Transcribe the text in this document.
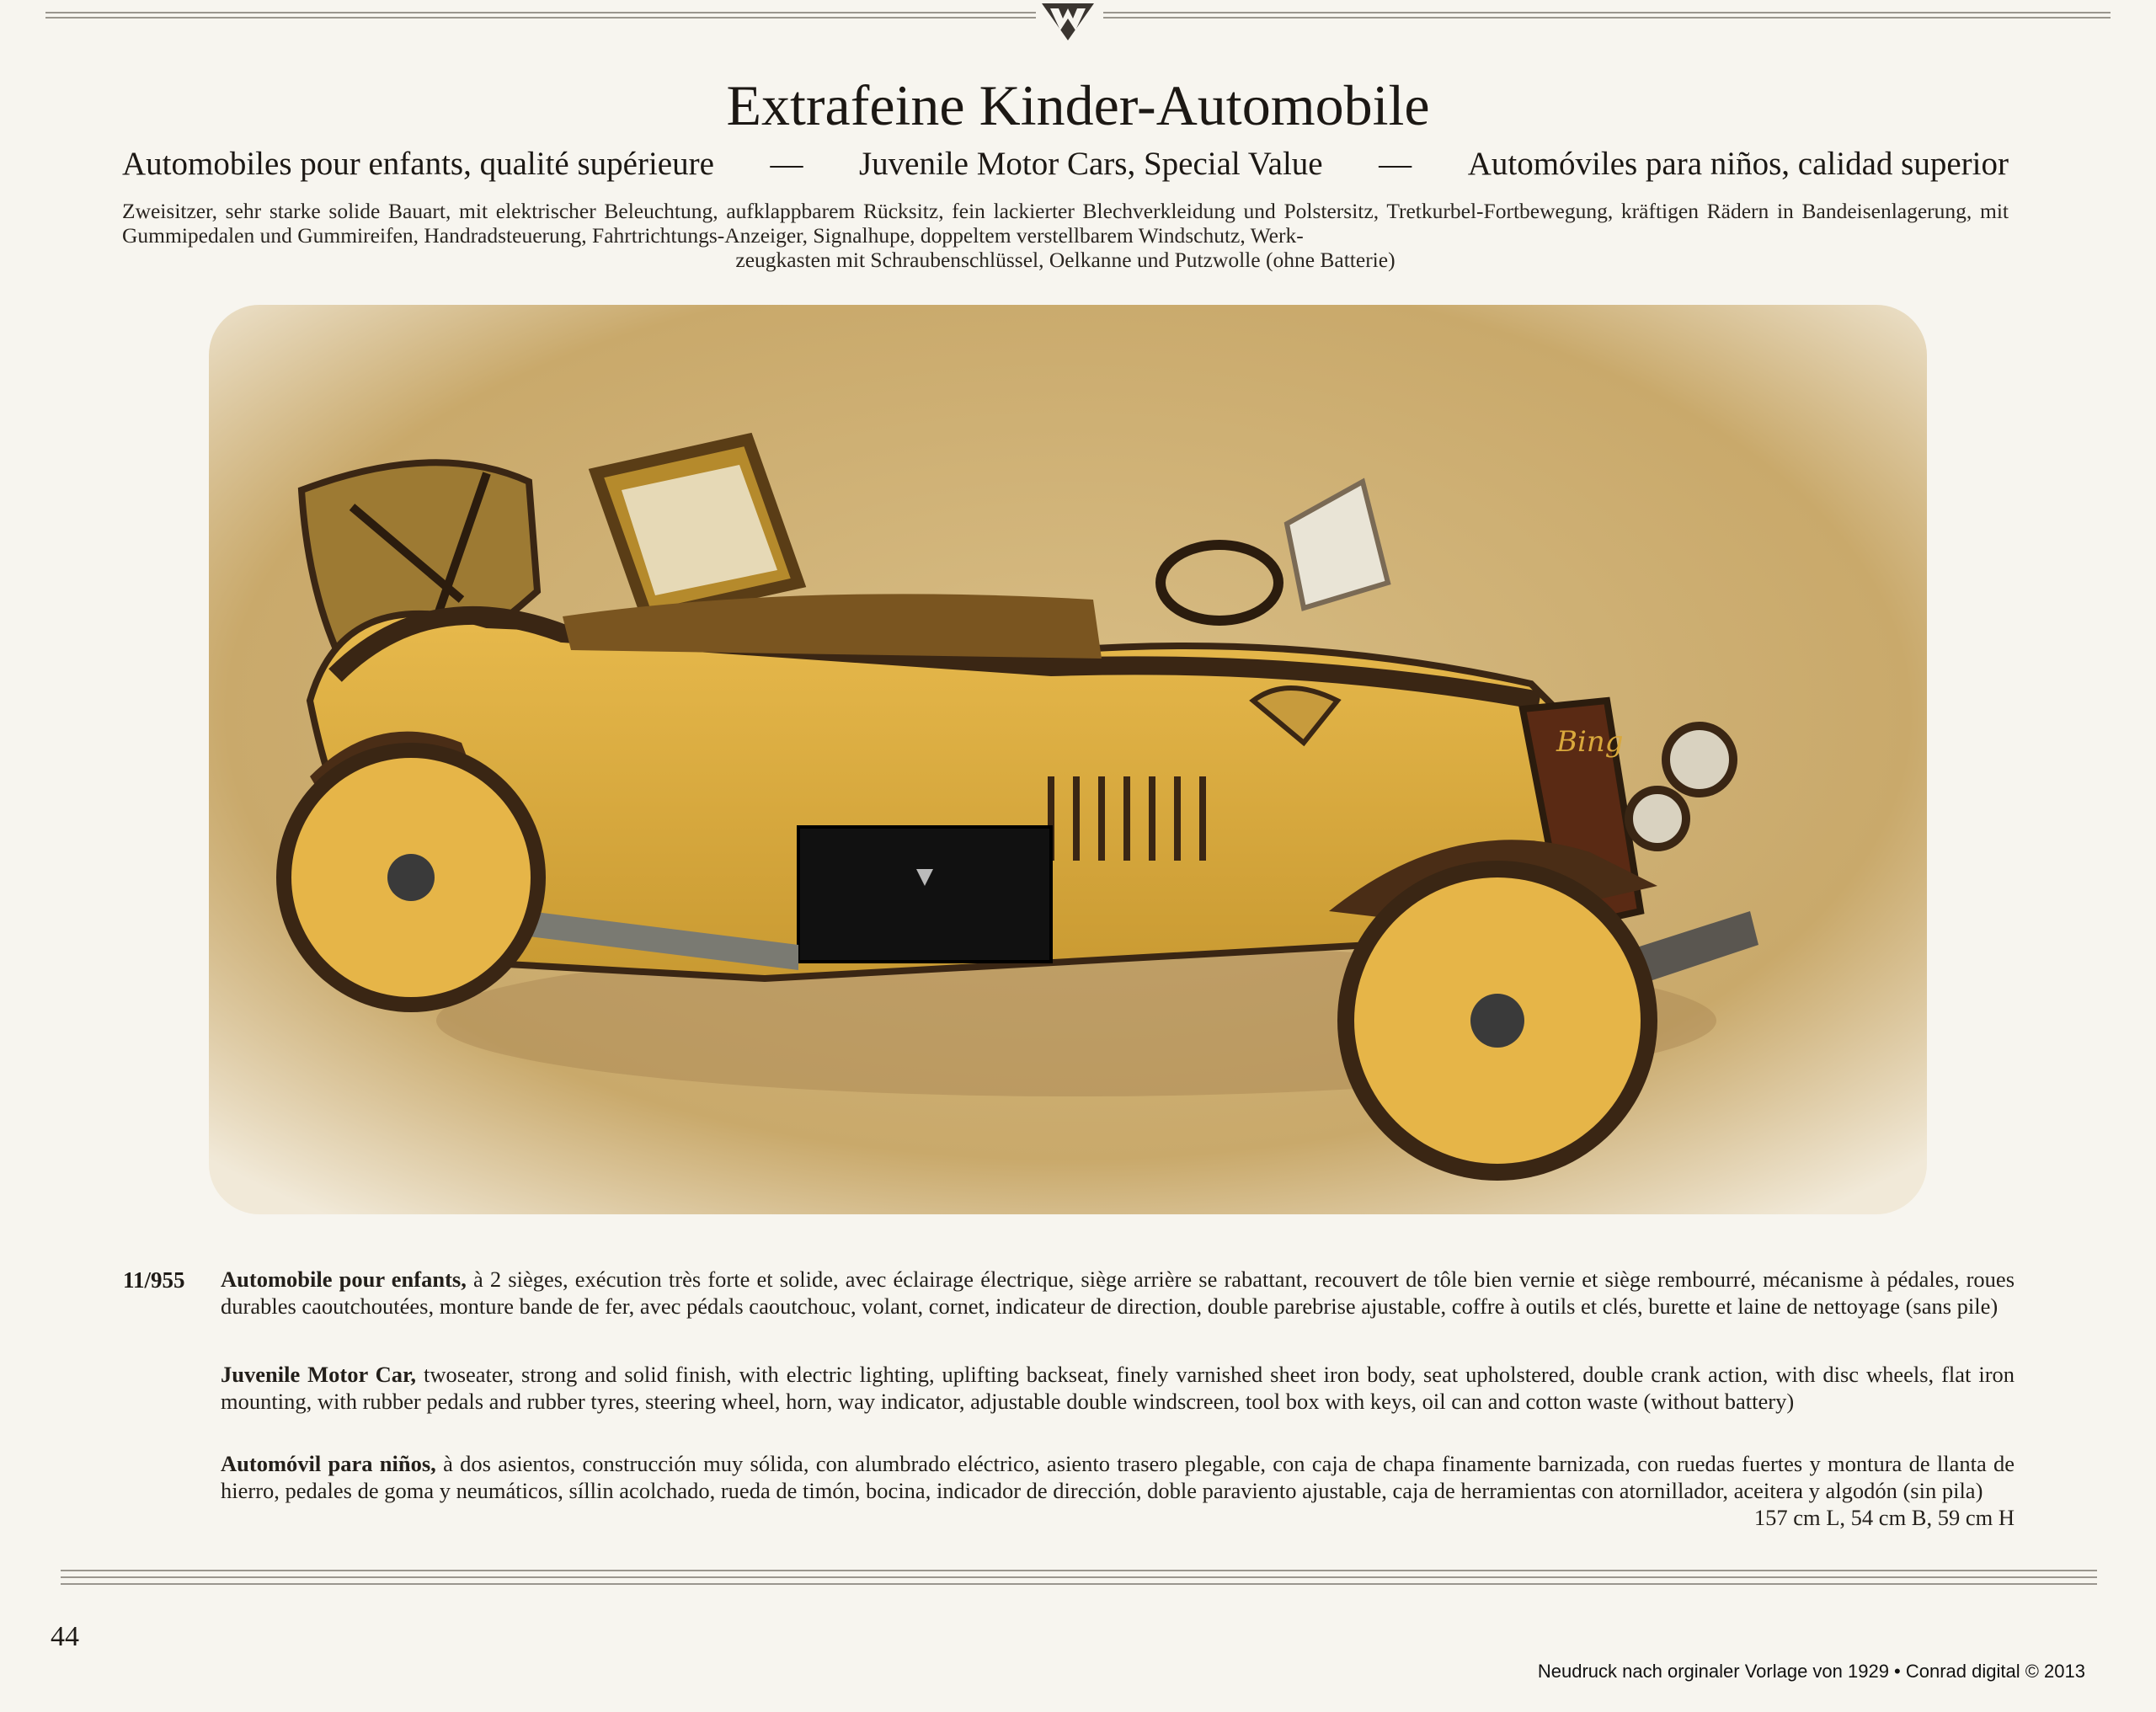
Extrafeine Kinder-Automobile
Automobiles pour enfants, qualité supérieure — Juvenile Motor Cars, Special Value — Automóviles para niños, calidad superior
Zweisitzer, sehr starke solide Bauart, mit elektrischer Beleuchtung, aufklappbarem Rücksitz, fein lackierter Blechverkleidung und Polstersitz, Tretkurbel-Fortbewegung, kräftigen Rädern in Bandeisenlagerung, mit Gummipedalen und Gummireifen, Handradsteuerung, Fahrtrichtungs-Anzeiger, Signalhupe, doppeltem verstellbarem Windschutz, Werk-
zeugkasten mit Schraubenschlüssel, Oelkanne und Putzwolle (ohne Batterie)
Bing
11/955 Automobile pour enfants, à 2 sièges, exécution très forte et solide, avec éclairage électrique, siège arrière se rabattant, recouvert de tôle bien vernie et siège rembourré, mécanisme à pédales, roues durables caoutchoutées, monture bande de fer, avec pédals caoutchouc, volant, cornet, indicateur de direction, double parebrise ajustable, coffre à outils et clés, burette et laine de nettoyage (sans pile)
Juvenile Motor Car, twoseater, strong and solid finish, with electric lighting, uplifting backseat, finely varnished sheet iron body, seat upholstered, double crank action, with disc wheels, flat iron mounting, with rubber pedals and rubber tyres, steering wheel, horn, way indicator, adjustable double windscreen, tool box with keys, oil can and cotton waste (without battery)
Automóvil para niños, à dos asientos, construcción muy sólida, con alumbrado eléctrico, asiento trasero plegable, con caja de chapa finamente barnizada, con ruedas fuertes y montura de llanta de hierro, pedales de goma y neumáticos, síllin acolchado, rueda de timón, bocina, indicador de dirección, doble paraviento ajustable, caja de herramientas con atornillador, aceitera y algodón (sin pila)
157 cm L, 54 cm B, 59 cm H
44
Neudruck nach orginaler Vorlage von 1929 • Conrad digital © 2013
